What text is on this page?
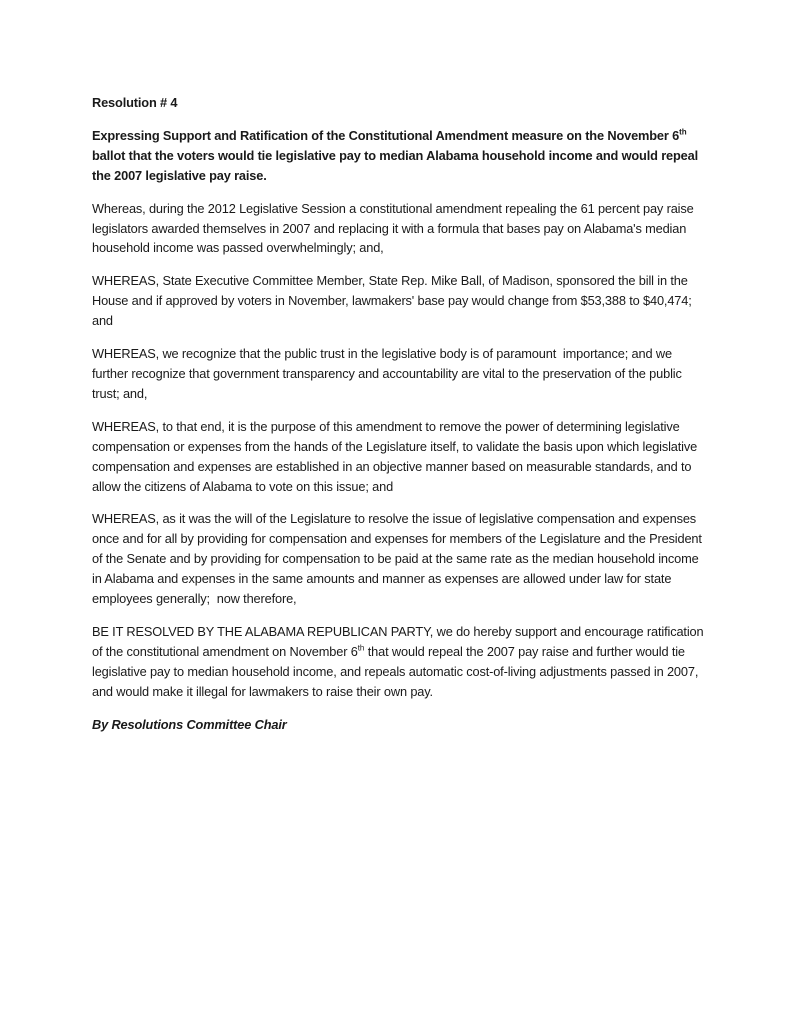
Resolution # 4

Expressing Support and Ratification of the Constitutional Amendment measure on the November 6th ballot that the voters would tie legislative pay to median Alabama household income and would repeal the 2007 legislative pay raise.

Whereas, during the 2012 Legislative Session a constitutional amendment repealing the 61 percent pay raise legislators awarded themselves in 2007 and replacing it with a formula that bases pay on Alabama's median household income was passed overwhelmingly; and,

WHEREAS, State Executive Committee Member, State Rep. Mike Ball, of Madison, sponsored the bill in the House and if approved by voters in November, lawmakers' base pay would change from $53,388 to $40,474; and

WHEREAS, we recognize that the public trust in the legislative body is of paramount  importance; and we further recognize that government transparency and accountability are vital to the preservation of the public trust; and,

WHEREAS, to that end, it is the purpose of this amendment to remove the power of determining legislative compensation or expenses from the hands of the Legislature itself, to validate the basis upon which legislative compensation and expenses are established in an objective manner based on measurable standards, and to allow the citizens of Alabama to vote on this issue; and

WHEREAS, as it was the will of the Legislature to resolve the issue of legislative compensation and expenses once and for all by providing for compensation and expenses for members of the Legislature and the President of the Senate and by providing for compensation to be paid at the same rate as the median household income in Alabama and expenses in the same amounts and manner as expenses are allowed under law for state employees generally;  now therefore,

BE IT RESOLVED BY THE ALABAMA REPUBLICAN PARTY, we do hereby support and encourage ratification of the constitutional amendment on November 6th that would repeal the 2007 pay raise and further would tie legislative pay to median household income, and repeals automatic cost-of-living adjustments passed in 2007, and would make it illegal for lawmakers to raise their own pay.

By Resolutions Committee Chair
